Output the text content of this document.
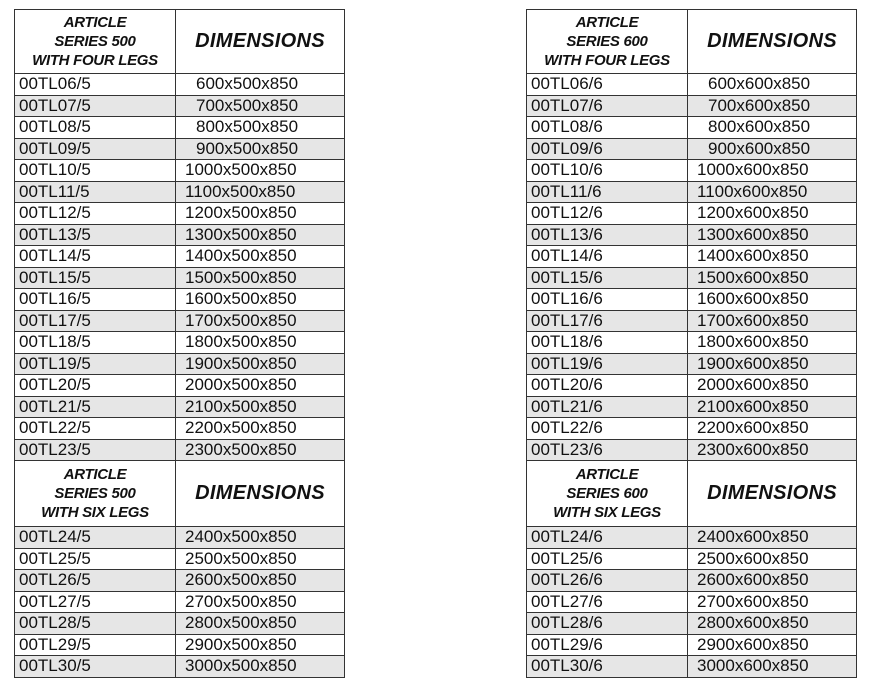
ARTICLE
SERIES 500
WITH FOUR LEGS	DIMENSIONS
00TL06/5	600x500x850
00TL07/5	700x500x850
00TL08/5	800x500x850
00TL09/5	900x500x850
00TL10/5	1000x500x850
00TL11/5	1100x500x850
00TL12/5	1200x500x850
00TL13/5	1300x500x850
00TL14/5	1400x500x850
00TL15/5	1500x500x850
00TL16/5	1600x500x850
00TL17/5	1700x500x850
00TL18/5	1800x500x850
00TL19/5	1900x500x850
00TL20/5	2000x500x850
00TL21/5	2100x500x850
00TL22/5	2200x500x850
00TL23/5	2300x500x850

ARTICLE
SERIES 500
WITH SIX LEGS	DIMENSIONS
00TL24/5	2400x500x850
00TL25/5	2500x500x850
00TL26/5	2600x500x850
00TL27/5	2700x500x850
00TL28/5	2800x500x850
00TL29/5	2900x500x850
00TL30/5	3000x500x850
ARTICLE
SERIES 600
WITH FOUR LEGS	DIMENSIONS
00TL06/6	600x600x850
00TL07/6	700x600x850
00TL08/6	800x600x850
00TL09/6	900x600x850
00TL10/6	1000x600x850
00TL11/6	1100x600x850
00TL12/6	1200x600x850
00TL13/6	1300x600x850
00TL14/6	1400x600x850
00TL15/6	1500x600x850
00TL16/6	1600x600x850
00TL17/6	1700x600x850
00TL18/6	1800x600x850
00TL19/6	1900x600x850
00TL20/6	2000x600x850
00TL21/6	2100x600x850
00TL22/6	2200x600x850
00TL23/6	2300x600x850

ARTICLE
SERIES 600
WITH SIX LEGS	DIMENSIONS
00TL24/6	2400x600x850
00TL25/6	2500x600x850
00TL26/6	2600x600x850
00TL27/6	2700x600x850
00TL28/6	2800x600x850
00TL29/6	2900x600x850
00TL30/6	3000x600x850
